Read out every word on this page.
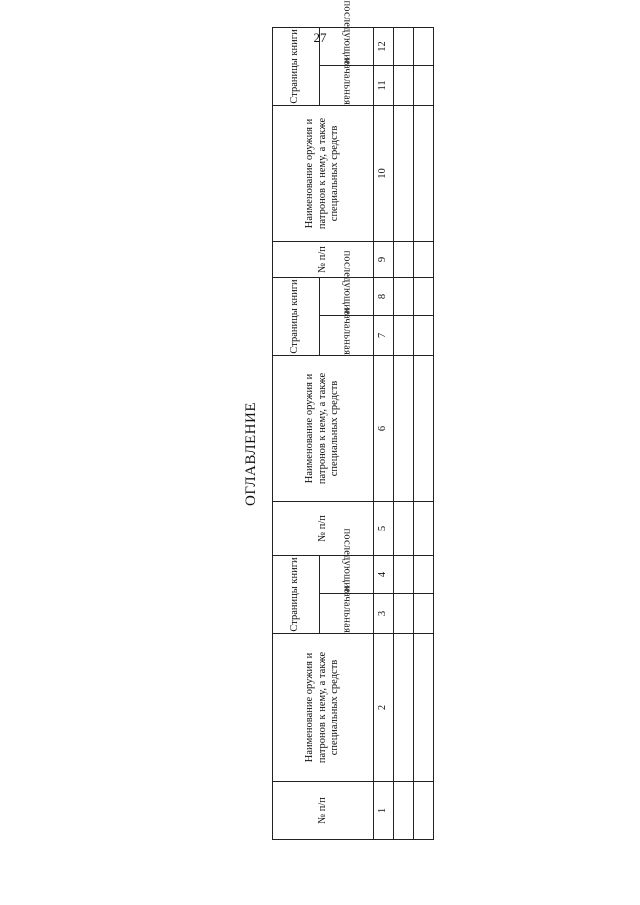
27
ОГЛАВЛЕНИЕ
№ п/п	Наименование оружия и патронов к нему, а также специальных средств	Страницы книги		№ п/п	Наименование оружия и патронов к нему, а также специальных средств	Страницы книги		№ п/п	Наименование оружия и патронов к нему, а также специальных средств	Страницы книги	
		начальная	последующие			начальная	последующие			начальная	последующие
1	2	3	4	5	6	7	8	9	10	11	12
